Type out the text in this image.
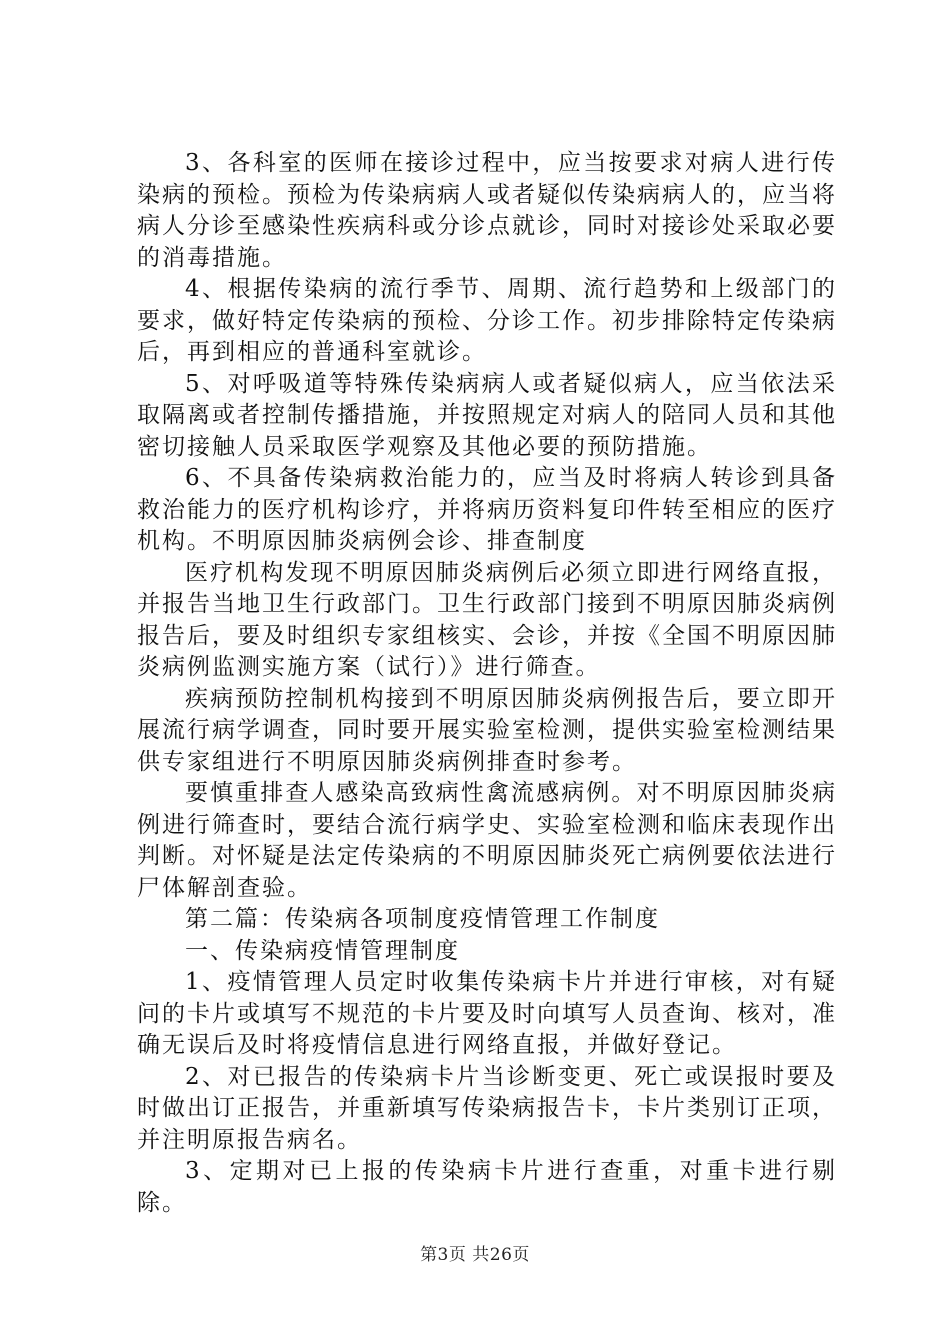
3、各科室的医师在接诊过程中，应当按要求对病人进行传染病的预检。预检为传染病病人或者疑似传染病病人的，应当将病人分诊至感染性疾病科或分诊点就诊，同时对接诊处采取必要的消毒措施。

4、根据传染病的流行季节、周期、流行趋势和上级部门的要求，做好特定传染病的预检、分诊工作。初步排除特定传染病后，再到相应的普通科室就诊。

5、对呼吸道等特殊传染病病人或者疑似病人，应当依法采取隔离或者控制传播措施，并按照规定对病人的陪同人员和其他密切接触人员采取医学观察及其他必要的预防措施。

6、不具备传染病救治能力的，应当及时将病人转诊到具备救治能力的医疗机构诊疗，并将病历资料复印件转至相应的医疗机构。不明原因肺炎病例会诊、排查制度

医疗机构发现不明原因肺炎病例后必须立即进行网络直报，并报告当地卫生行政部门。卫生行政部门接到不明原因肺炎病例报告后，要及时组织专家组核实、会诊，并按《全国不明原因肺炎病例监测实施方案（试行）》进行筛查。

疾病预防控制机构接到不明原因肺炎病例报告后，要立即开展流行病学调查，同时要开展实验室检测，提供实验室检测结果供专家组进行不明原因肺炎病例排查时参考。

要慎重排查人感染高致病性禽流感病例。对不明原因肺炎病例进行筛查时，要结合流行病学史、实验室检测和临床表现作出判断。对怀疑是法定传染病的不明原因肺炎死亡病例要依法进行尸体解剖查验。

第二篇：传染病各项制度疫情管理工作制度

一、传染病疫情管理制度

1、疫情管理人员定时收集传染病卡片并进行审核，对有疑问的卡片或填写不规范的卡片要及时向填写人员查询、核对，准确无误后及时将疫情信息进行网络直报，并做好登记。

2、对已报告的传染病卡片当诊断变更、死亡或误报时要及时做出订正报告，并重新填写传染病报告卡，卡片类别订正项，并注明原报告病名。

3、定期对已上报的传染病卡片进行查重，对重卡进行剔除。

第3页 共26页
